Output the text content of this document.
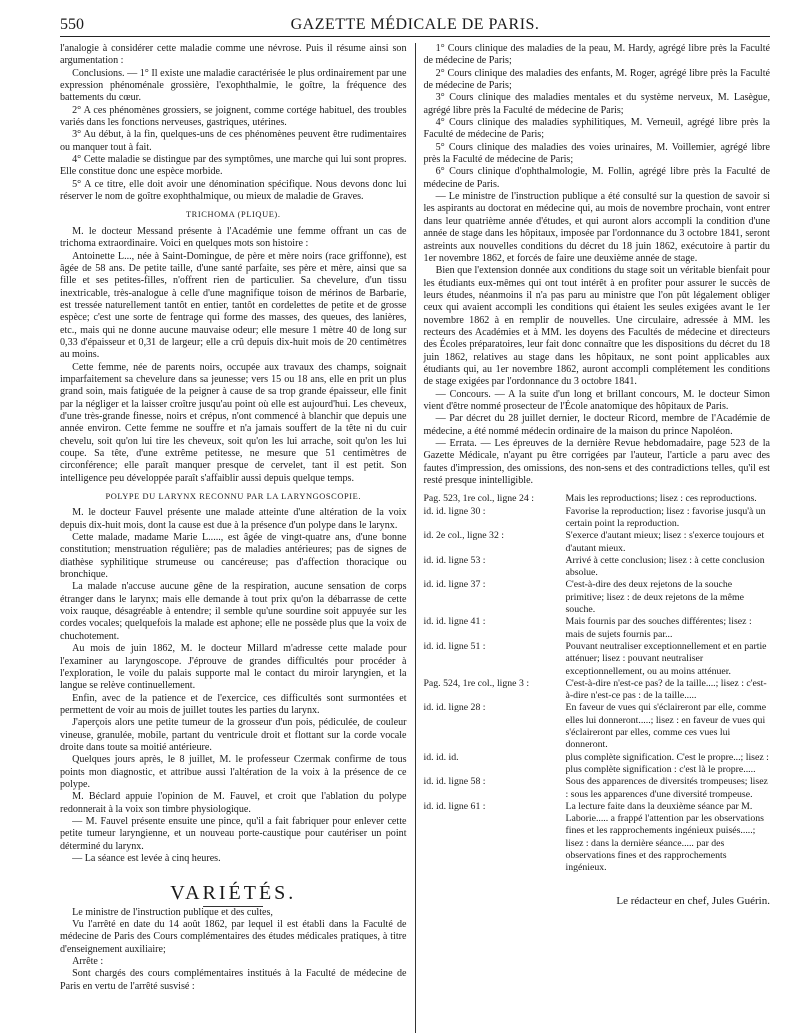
550	GAZETTE MÉDICALE DE PARIS.

l'analogie à considérer cette maladie comme une névrose. Puis il résume ainsi son argumentation :

Conclusions. — 1° Il existe une maladie caractérisée le plus ordinairement par une expression phénoménale grossière, l'exophthalmie, le goître, la fréquence des battements du cœur.

2° A ces phénomènes grossiers, se joignent, comme cortége habituel, des troubles variés dans les fonctions nerveuses, gastriques, utérines.

3° Au début, à la fin, quelques-uns de ces phénomènes peuvent être rudimentaires ou manquer tout à fait.

4° Cette maladie se distingue par des symptômes, une marche qui lui sont propres. Elle constitue donc une espèce morbide.

5° A ce titre, elle doit avoir une dénomination spécifique. Nous devons donc lui réserver le nom de goître exophthalmique, ou mieux de maladie de Graves.

TRICHOMA (PLIQUE).

M. le docteur Messand présente à l'Académie une femme offrant un cas de trichoma extraordinaire. Voici en quelques mots son histoire :

Antoinette L..., née à Saint-Domingue, de père et mère noirs (race griffonne), est âgée de 58 ans. De petite taille, d'une santé parfaite, ses père et mère, ainsi que sa fille et ses petites-filles, n'offrent rien de particulier. Sa chevelure, d'un tissu inextricable, très-analogue à celle d'une magnifique toison de mérinos de Barbarie, est tressée naturellement tantôt en entier, tantôt en cordelettes de petite et de grosse espèce; c'est une sorte de fentrage qui forme des masses, des queues, des lanières, etc., mais qui ne donne aucune mauvaise odeur; elle mesure 1 mètre 40 de long sur 0,33 d'épaisseur et 0,31 de largeur; elle a crû depuis dix-huit mois de 20 centimètres au moins.

Cette femme, née de parents noirs, occupée aux travaux des champs, soignait imparfaitement sa chevelure dans sa jeunesse; vers 15 ou 18 ans, elle en prit un plus grand soin, mais fatiguée de la peigner à cause de sa trop grande épaisseur, elle finit par la négliger et la laisser croître jusqu'au point où elle est aujourd'hui. Les cheveux, d'une très-grande finesse, noirs et crépus, n'ont commencé à blanchir que depuis une année environ. Cette femme ne souffre et n'a jamais souffert de la tête ni du cuir chevelu, soit qu'on lui tire les cheveux, soit qu'on les lui arrache, soit qu'on les lui coupe. Sa tête, d'une extrême petitesse, ne mesure que 51 centimètres de circonférence; elle paraît manquer presque de cervelet, tant il est petit. Son intelligence peu développée paraît s'affaiblir aussi depuis quelque temps.

POLYPE DU LARYNX RECONNU PAR LA LARYNGOSCOPIE.

M. le docteur Fauvel présente une malade atteinte d'une altération de la voix depuis dix-huit mois, dont la cause est due à la présence d'un polype dans le larynx.

Cette malade, madame Marie L....., est âgée de vingt-quatre ans, d'une bonne constitution; menstruation régulière; pas de maladies antérieures; pas de signes de diathèse syphilitique strumeuse ou cancéreuse; pas d'affection thoracique ou bronchique.

La malade n'accuse aucune gêne de la respiration, aucune sensation de corps étranger dans le larynx; mais elle demande à tout prix qu'on la débarrasse de cette voix rauque, désagréable à entendre; il semble qu'une sourdine soit appuyée sur les cordes vocales; quelquefois la malade est aphone; elle ne possède plus que la voix de chuchotement.

Au mois de juin 1862, M. le docteur Millard m'adresse cette malade pour l'examiner au laryngoscope. J'éprouve de grandes difficultés pour procéder à l'exploration, le voile du palais supporte mal le contact du miroir laryngien, et la langue se relève continuellement.

Enfin, avec de la patience et de l'exercice, ces difficultés sont surmontées et permettent de voir au mois de juillet toutes les parties du larynx.

J'aperçois alors une petite tumeur de la grosseur d'un pois, pédiculée, de couleur vineuse, granulée, mobile, partant du ventricule droit et flottant sur la corde vocale droite dans toute sa moitié antérieure.

Quelques jours après, le 8 juillet, M. le professeur Czermak confirme de tous points mon diagnostic, et attribue aussi l'altération de la voix à la présence de ce polype.

M. Béclard appuie l'opinion de M. Fauvel, et croit que l'ablation du polype redonnerait à la voix son timbre physiologique.

— M. Fauvel présente ensuite une pince, qu'il a fait fabriquer pour enlever cette petite tumeur laryngienne, et un nouveau porte-caustique pour cautériser un point déterminé du larynx.

— La séance est levée à cinq heures.

VARIÉTÉS.

Le ministre de l'instruction publique et des cultes,

Vu l'arrêté en date du 14 août 1862, par lequel il est établi dans la Faculté de médecine de Paris des Cours complémentaires des études médicales pratiques, à titre d'enseignement auxiliaire;

Arrête :

Sont chargés des cours complémentaires institués à la Faculté de médecine de Paris en vertu de l'arrêté susvisé :

1° Cours clinique des maladies de la peau, M. Hardy, agrégé libre près la Faculté de médecine de Paris;

2° Cours clinique des maladies des enfants, M. Roger, agrégé libre près la Faculté de médecine de Paris;

3° Cours clinique des maladies mentales et du système nerveux, M. Lasègue, agrégé libre près la Faculté de médecine de Paris;

4° Cours clinique des maladies syphilitiques, M. Verneuil, agrégé libre près la Faculté de médecine de Paris;

5° Cours clinique des maladies des voies urinaires, M. Voillemier, agrégé libre près la Faculté de médecine de Paris;

6° Cours clinique d'ophthalmologie, M. Follin, agrégé libre près la Faculté de médecine de Paris.

— Le ministre de l'instruction publique a été consulté sur la question de savoir si les aspirants au doctorat en médecine qui, au mois de novembre prochain, vont entrer dans leur quatrième année d'études, et qui auront alors accompli la condition d'une année de stage dans les hôpitaux, imposée par l'ordonnance du 3 octobre 1841, seront astreints aux nouvelles conditions du décret du 18 juin 1862, exécutoire à partir du 1er novembre 1862, et forcés de faire une deuxième année de stage.

Bien que l'extension donnée aux conditions du stage soit un véritable bienfait pour les étudiants eux-mêmes qui ont tout intérêt à en profiter pour assurer le succès de leurs études, néanmoins il n'a pas paru au ministre que l'on pût légalement obliger ceux qui avaient accompli les conditions qui étaient les seules exigées avant le 1er novembre 1862 à en remplir de nouvelles. Une circulaire, adressée à MM. les recteurs des Académies et à MM. les doyens des Facultés de médecine et directeurs des Écoles préparatoires, leur fait donc connaître que les dispositions du décret du 18 juin 1862, relatives au stage dans les hôpitaux, ne sont point applicables aux étudiants qui, au 1er novembre 1862, auront accompli complétement les conditions de stage exigées par l'ordonnance du 3 octobre 1841.

— Concours. — A la suite d'un long et brillant concours, M. le docteur Simon vient d'être nommé prosecteur de l'École anatomique des hôpitaux de Paris.

— Par décret du 28 juillet dernier, le docteur Ricord, membre de l'Académie de médecine, a été nommé médecin ordinaire de la maison du prince Napoléon.

— Errata. — Les épreuves de la dernière Revue hebdomadaire, page 523 de la Gazette Médicale, n'ayant pu être corrigées par l'auteur, l'article a paru avec des fautes d'impression, des omissions, des non-sens et des contradictions telles, qu'il est resté presque inintelligible.

Pag. 523, 1re col., ligne 24 :	Mais les reproductions; lisez : ces reproductions.
id. id. ligne 30 :	Favorise la reproduction; lisez : favorise jusqu'à un certain point la reproduction.
id. 2e col., ligne 32 :	S'exerce d'autant mieux; lisez : s'exerce toujours et d'autant mieux.
id. id. ligne 53 :	Arrivé à cette conclusion; lisez : à cette conclusion absolue.
id. id. ligne 37 :	C'est-à-dire des deux rejetons de la souche primitive; lisez : de deux rejetons de la même souche.
id. id. ligne 41 :	Mais fournis par des souches différentes; lisez : mais de sujets fournis par...
id. id. ligne 51 :	Pouvant neutraliser exceptionnellement et en partie atténuer; lisez : pouvant neutraliser exceptionnellement, ou au moins atténuer.
Pag. 524, 1re col., ligne 3 :	C'est-à-dire n'est-ce pas? de la taille....; lisez : c'est-à-dire n'est-ce pas : de la taille.....
id. id. ligne 28 :	En faveur de vues qui s'éclaireront par elle, comme elles lui donneront.....; lisez : en faveur de vues qui s'éclaireront par elles, comme ces vues lui donneront.
id. id. id.	plus complète signification. C'est le propre...; lisez : plus complète signification : c'est là le propre.....
id. id. ligne 58 :	Sous des apparences de diversités trompeuses; lisez : sous les apparences d'une diversité trompeuse.
id. id. ligne 61 :	La lecture faite dans la deuxième séance par M. Laborie..... a frappé l'attention par les observations fines et les rapprochements ingénieux puisés.....; lisez : dans la dernière séance..... par des observations fines et des rapprochements ingénieux.
Le rédacteur en chef, Jules Guérin.
